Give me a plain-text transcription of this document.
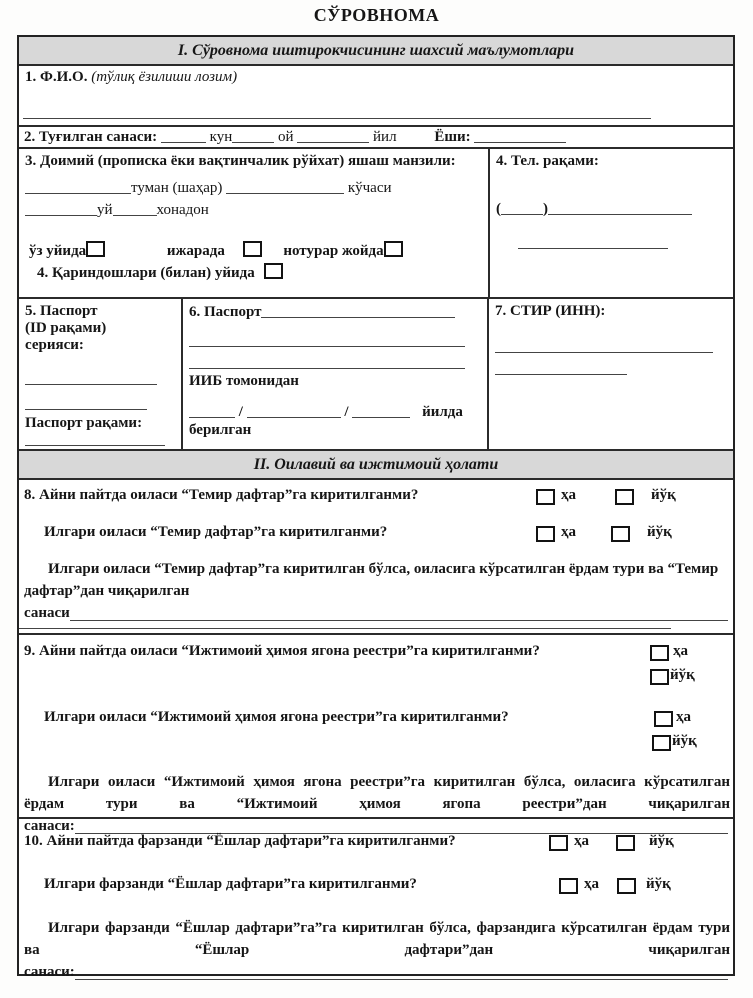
СЎРОВНОМА
I. Сўровнома иштирокчисининг шахсий маълумотлари
1. Ф.И.О. (тўлиқ ёзилиши лозим)
2. Туғилган санаси:	кун	ой	йил	Ёши:
3. Доимий (прописка ёки вақтинчалик рўйхат) яшаш манзили:
туман (шаҳар)	кўчаси
уй	хонадон
ўз уйида	ижарада	нотурар жойда
4. Қариндошлари (билан) уйида
4. Тел. рақами:
(	)
5. Паспорт
(ID рақами)
серияси:
Паспорт рақами:
6. Паспорт
ИИБ томонидан
/	/	йилда
берилган
7. СТИР (ИНН):
II. Оилавий ва ижтимоий ҳолати
8. Айни пайтда оиласи “Темир дафтар”га киритилганми?	ҳа	йўқ
Илгари оиласи “Темир дафтар”га киритилганми?	ҳа	йўқ
Илгари оиласи “Темир дафтар”га киритилган бўлса, оиласига кўрсатилган ёрдам тури ва “Темир дафтар”дан чиқарилган
санаси
9. Айни пайтда оиласи “Ижтимоий ҳимоя ягона реестри”га киритилганми?	ҳа
йўқ
Илгари оиласи “Ижтимоий ҳимоя ягона реестри”га киритилганми?	ҳа
йўқ
Илгари оиласи “Ижтимоий ҳимоя ягона реестри”га киритилган бўлса, оиласига кўрсатилган ёрдам тури ва “Ижтимоий ҳимоя ягопа реестри”дан чиқарилган
санаси:
10. Айни пайтда фарзанди “Ёшлар дафтари”га киритилганми?	ҳа	йўқ
Илгари фарзанди “Ёшлар дафтари”га киритилганми?	ҳа	йўқ
Илгари фарзанди “Ёшлар дафтари”га”га киритилган бўлса, фарзандига кўрсатилган ёрдам тури ва “Ёшлар дафтари”дан чиқарилган
санаси:
